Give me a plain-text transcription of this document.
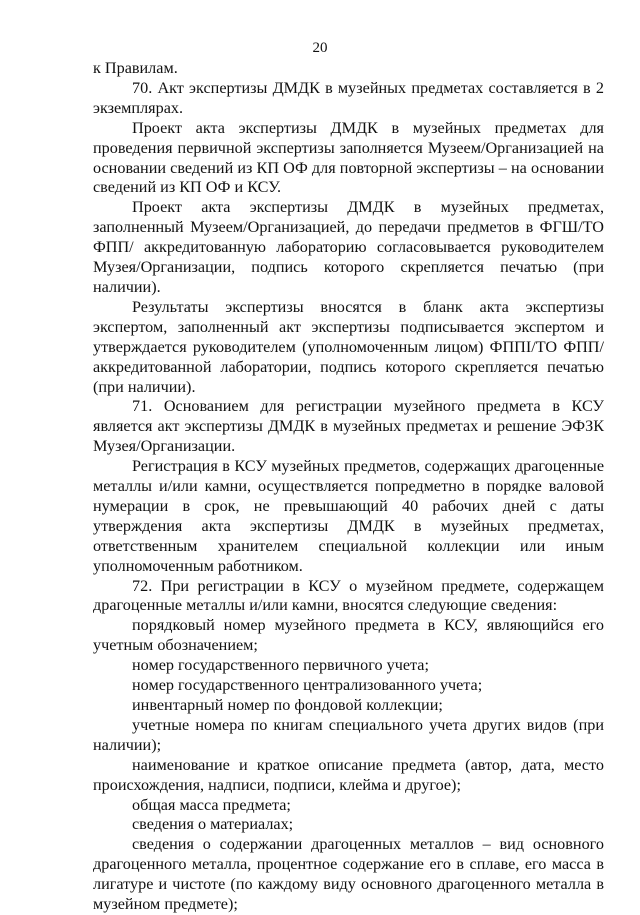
20

к Правилам.

70. Акт экспертизы ДМДК в музейных предметах составляется в 2 экземплярах.

Проект акта экспертизы ДМДК в музейных предметах для проведения первичной экспертизы заполняется Музеем/Организацией на основании сведений из КП ОФ для повторной экспертизы – на основании сведений из КП ОФ и КСУ.

Проект акта экспертизы ДМДК в музейных предметах, заполненный Музеем/Организацией, до передачи предметов в ФГШ/ТО ФПП/ аккредитованную лабораторию согласовывается руководителем Музея/Организации, подпись которого скрепляется печатью (при наличии).

Результаты экспертизы вносятся в бланк акта экспертизы экспертом, заполненный акт экспертизы подписывается экспертом и утверждается руководителем (уполномоченным лицом) ФППI/ТО ФПП/аккредитованной лаборатории, подпись которого скрепляется печатью (при наличии).

71. Основанием для регистрации музейного предмета в КСУ является акт экспертизы ДМДК в музейных предметах и решение ЭФЗК Музея/Организации.

Регистрация в КСУ музейных предметов, содержащих драгоценные металлы и/или камни, осуществляется попредметно в порядке валовой нумерации в срок, не превышающий 40 рабочих дней с даты утверждения акта экспертизы ДМДК в музейных предметах, ответственным хранителем специальной коллекции или иным уполномоченным работником.

72. При регистрации в КСУ о музейном предмете, содержащем драгоценные металлы и/или камни, вносятся следующие сведения:

порядковый номер музейного предмета в КСУ, являющийся его учетным обозначением;

номер государственного первичного учета;

номер государственного централизованного учета;

инвентарный номер по фондовой коллекции;

учетные номера по книгам специального учета других видов (при наличии);

наименование и краткое описание предмета (автор, дата, место происхождения, надписи, подписи, клейма и другое);

общая масса предмета;

сведения о материалах;

сведения о содержании драгоценных металлов – вид основного драгоценного металла, процентное содержание его в сплаве, его масса в лигатуре и чистоте (по каждому виду основного драгоценного металла в музейном предмете);
